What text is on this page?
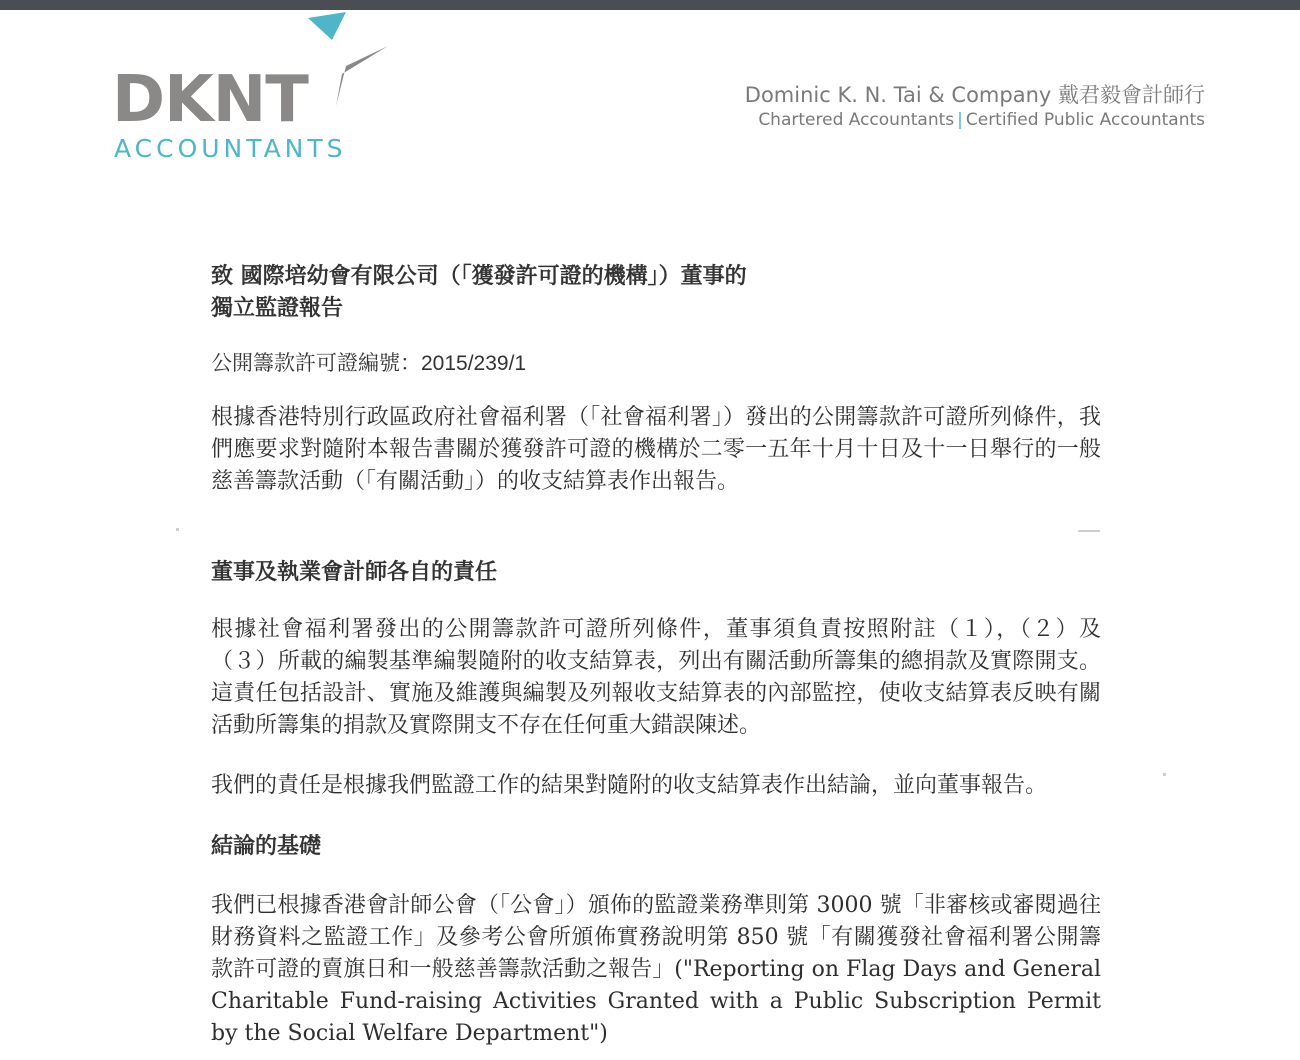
DKNT
ACCOUNTANTS
Dominic K. N. Tai & Company 戴君毅會計師行
Chartered Accountants | Certified Public Accountants
致 國際培幼會有限公司（「獲發許可證的機構」）董事的
獨立監證報告
公開籌款許可證編號：2015/239/1

根據香港特別行政區政府社會福利署（「社會福利署」）發出的公開籌款許可證所列條件，我們應要求對隨附本報告書關於獲發許可證的機構於二零一五年十月十日及十一日舉行的一般慈善籌款活動（「有關活動」）的收支結算表作出報告。

董事及執業會計師各自的責任

根據社會福利署發出的公開籌款許可證所列條件，董事須負責按照附註（１），（２）及（３）所載的編製基準編製隨附的收支結算表，列出有關活動所籌集的總捐款及實際開支。這責任包括設計、實施及維護與編製及列報收支結算表的內部監控，使收支結算表反映有關活動所籌集的捐款及實際開支不存在任何重大錯誤陳述。

我們的責任是根據我們監證工作的結果對隨附的收支結算表作出結論，並向董事報告。

結論的基礎

我們已根據香港會計師公會（「公會」）頒佈的監證業務準則第 3000 號「非審核或審閱過往財務資料之監證工作」及參考公會所頒佈實務說明第 850 號「有關獲發社會福利署公開籌款許可證的賣旗日和一般慈善籌款活動之報告」("Reporting on Flag Days and General Charitable Fund-raising Activities Granted with a Public Subscription Permit by the Social Welfare Department")
